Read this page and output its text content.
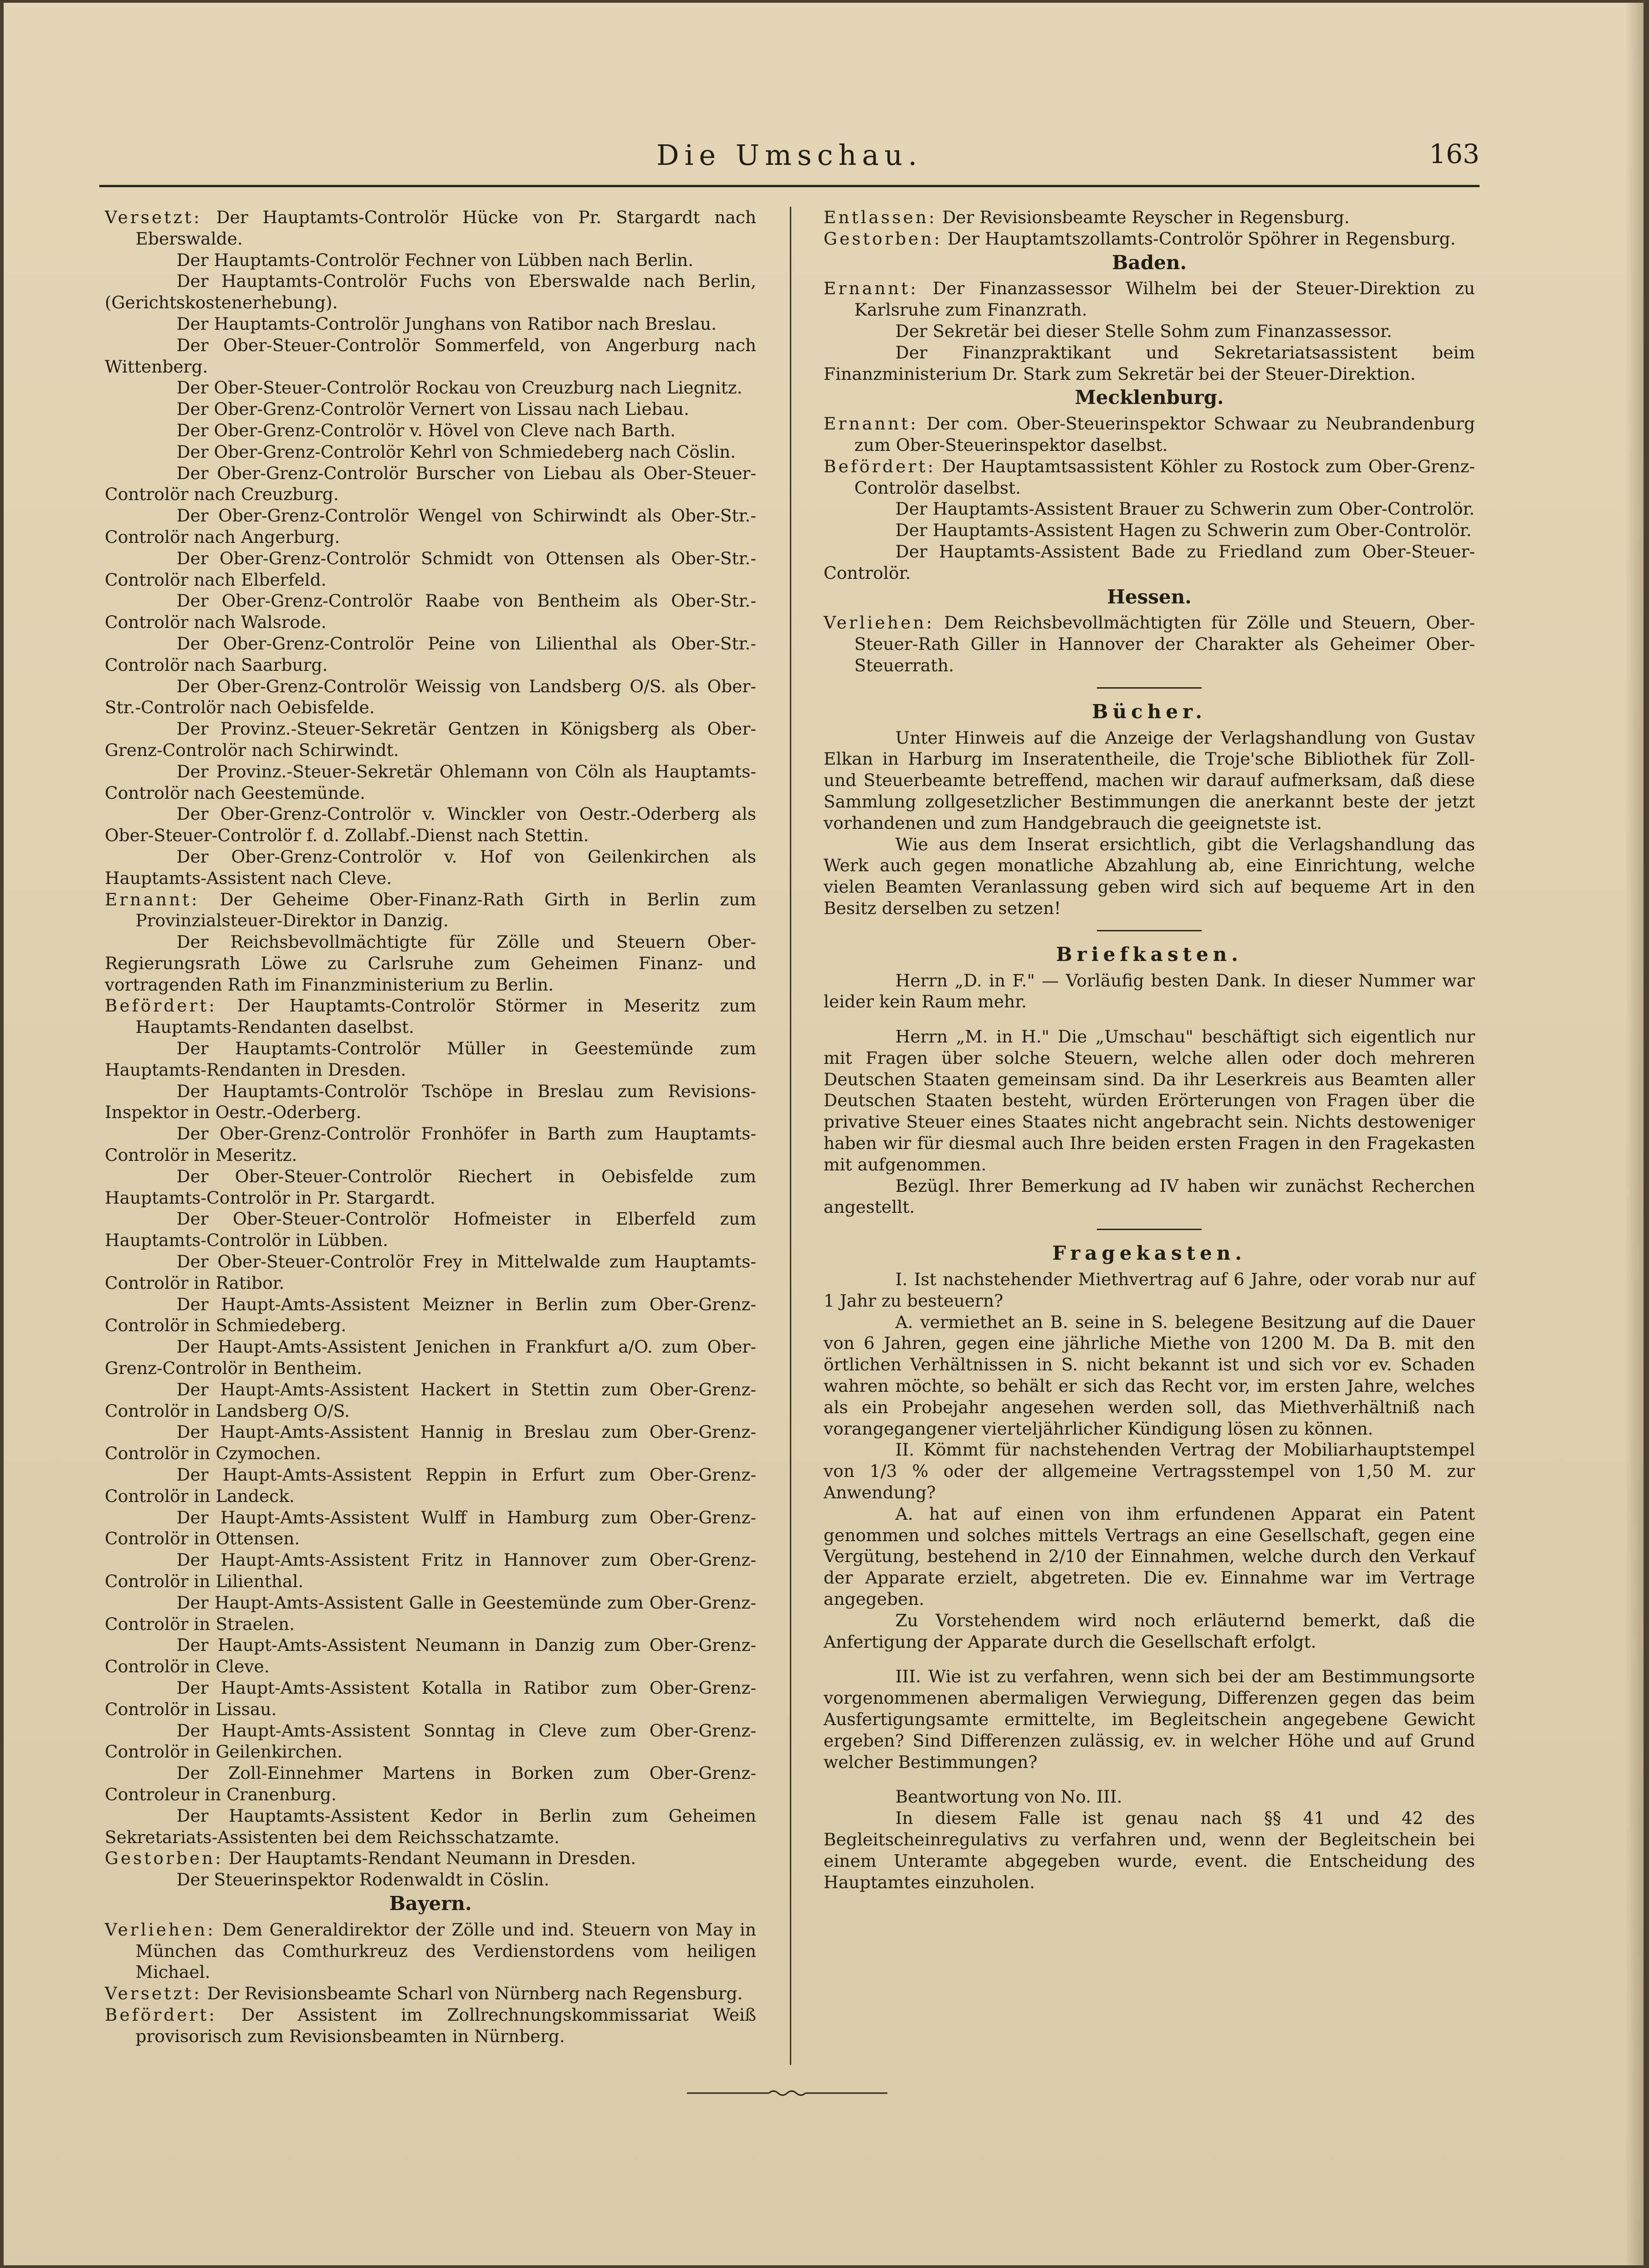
Die Umschau.	163

Versetzt: Der Hauptamts-Controlör Hücke von Pr. Stargardt nach Eberswalde.

Der Hauptamts-Controlör Fechner von Lübben nach Berlin.

Der Hauptamts-Controlör Fuchs von Eberswalde nach Berlin, (Gerichtskostenerhebung).

Der Hauptamts-Controlör Junghans von Ratibor nach Breslau.

Der Ober-Steuer-Controlör Sommerfeld, von Angerburg nach Wittenberg.

Der Ober-Steuer-Controlör Rockau von Creuzburg nach Liegnitz.

Der Ober-Grenz-Controlör Vernert von Lissau nach Liebau.

Der Ober-Grenz-Controlör v. Hövel von Cleve nach Barth.

Der Ober-Grenz-Controlör Kehrl von Schmiedeberg nach Cöslin.

Der Ober-Grenz-Controlör Burscher von Liebau als Ober-Steuer-Controlör nach Creuzburg.

Der Ober-Grenz-Controlör Wengel von Schirwindt als Ober-Str.-Controlör nach Angerburg.

Der Ober-Grenz-Controlör Schmidt von Ottensen als Ober-Str.-Controlör nach Elberfeld.

Der Ober-Grenz-Controlör Raabe von Bentheim als Ober-Str.-Controlör nach Walsrode.

Der Ober-Grenz-Controlör Peine von Lilienthal als Ober-Str.-Controlör nach Saarburg.

Der Ober-Grenz-Controlör Weissig von Landsberg O/S. als Ober-Str.-Controlör nach Oebisfelde.

Der Provinz.-Steuer-Sekretär Gentzen in Königsberg als Ober-Grenz-Controlör nach Schirwindt.

Der Provinz.-Steuer-Sekretär Ohlemann von Cöln als Hauptamts-Controlör nach Geestemünde.

Der Ober-Grenz-Controlör v. Winckler von Oestr.-Oderberg als Ober-Steuer-Controlör f. d. Zollabf.-Dienst nach Stettin.

Der Ober-Grenz-Controlör v. Hof von Geilenkirchen als Hauptamts-Assistent nach Cleve.

Ernannt: Der Geheime Ober-Finanz-Rath Girth in Berlin zum Provinzialsteuer-Direktor in Danzig.

Der Reichsbevollmächtigte für Zölle und Steuern Ober-Regierungsrath Löwe zu Carlsruhe zum Geheimen Finanz- und vortragenden Rath im Finanzministerium zu Berlin.

Befördert: Der Hauptamts-Controlör Störmer in Meseritz zum Hauptamts-Rendanten daselbst.

Der Hauptamts-Controlör Müller in Geestemünde zum Hauptamts-Rendanten in Dresden.

Der Hauptamts-Controlör Tschöpe in Breslau zum Revisions-Inspektor in Oestr.-Oderberg.

Der Ober-Grenz-Controlör Fronhöfer in Barth zum Hauptamts-Controlör in Meseritz.

Der Ober-Steuer-Controlör Riechert in Oebisfelde zum Hauptamts-Controlör in Pr. Stargardt.

Der Ober-Steuer-Controlör Hofmeister in Elberfeld zum Hauptamts-Controlör in Lübben.

Der Ober-Steuer-Controlör Frey in Mittelwalde zum Hauptamts-Controlör in Ratibor.

Der Haupt-Amts-Assistent Meizner in Berlin zum Ober-Grenz-Controlör in Schmiedeberg.

Der Haupt-Amts-Assistent Jenichen in Frankfurt a/O. zum Ober-Grenz-Controlör in Bentheim.

Der Haupt-Amts-Assistent Hackert in Stettin zum Ober-Grenz-Controlör in Landsberg O/S.

Der Haupt-Amts-Assistent Hannig in Breslau zum Ober-Grenz-Controlör in Czymochen.

Der Haupt-Amts-Assistent Reppin in Erfurt zum Ober-Grenz-Controlör in Landeck.

Der Haupt-Amts-Assistent Wulff in Hamburg zum Ober-Grenz-Controlör in Ottensen.

Der Haupt-Amts-Assistent Fritz in Hannover zum Ober-Grenz-Controlör in Lilienthal.

Der Haupt-Amts-Assistent Galle in Geestemünde zum Ober-Grenz-Controlör in Straelen.

Der Haupt-Amts-Assistent Neumann in Danzig zum Ober-Grenz-Controlör in Cleve.

Der Haupt-Amts-Assistent Kotalla in Ratibor zum Ober-Grenz-Controlör in Lissau.

Der Haupt-Amts-Assistent Sonntag in Cleve zum Ober-Grenz-Controlör in Geilenkirchen.

Der Zoll-Einnehmer Martens in Borken zum Ober-Grenz-Controleur in Cranenburg.

Der Hauptamts-Assistent Kedor in Berlin zum Geheimen Sekretariats-Assistenten bei dem Reichsschatzamte.

Gestorben: Der Hauptamts-Rendant Neumann in Dresden.

Der Steuerinspektor Rodenwaldt in Cöslin.

Bayern.

Verliehen: Dem Generaldirektor der Zölle und ind. Steuern von May in München das Comthurkreuz des Verdienstordens vom heiligen Michael.

Versetzt: Der Revisionsbeamte Scharl von Nürnberg nach Regensburg.

Befördert: Der Assistent im Zollrechnungskommissariat Weiß provisorisch zum Revisionsbeamten in Nürnberg.

Entlassen: Der Revisionsbeamte Reyscher in Regensburg.

Gestorben: Der Hauptamtszollamts-Controlör Spöhrer in Regensburg.

Baden.

Ernannt: Der Finanzassessor Wilhelm bei der Steuer-Direktion zu Karlsruhe zum Finanzrath.

Der Sekretär bei dieser Stelle Sohm zum Finanzassessor.

Der Finanzpraktikant und Sekretariatsassistent beim Finanzministerium Dr. Stark zum Sekretär bei der Steuer-Direktion.

Mecklenburg.

Ernannt: Der com. Ober-Steuerinspektor Schwaar zu Neubrandenburg zum Ober-Steuerinspektor daselbst.

Befördert: Der Hauptamtsassistent Köhler zu Rostock zum Ober-Grenz-Controlör daselbst.

Der Hauptamts-Assistent Brauer zu Schwerin zum Ober-Controlör.

Der Hauptamts-Assistent Hagen zu Schwerin zum Ober-Controlör.

Der Hauptamts-Assistent Bade zu Friedland zum Ober-Steuer-Controlör.

Hessen.

Verliehen: Dem Reichsbevollmächtigten für Zölle und Steuern, Ober-Steuer-Rath Giller in Hannover der Charakter als Geheimer Ober-Steuerrath.

Bücher.

Unter Hinweis auf die Anzeige der Verlagshandlung von Gustav Elkan in Harburg im Inseratentheile, die Troje'sche Bibliothek für Zoll- und Steuerbeamte betreffend, machen wir darauf aufmerksam, daß diese Sammlung zollgesetzlicher Bestimmungen die anerkannt beste der jetzt vorhandenen und zum Handgebrauch die geeignetste ist.

Wie aus dem Inserat ersichtlich, gibt die Verlagshandlung das Werk auch gegen monatliche Abzahlung ab, eine Einrichtung, welche vielen Beamten Veranlassung geben wird sich auf bequeme Art in den Besitz derselben zu setzen!

Briefkasten.

Herrn „D. in F." — Vorläufig besten Dank. In dieser Nummer war leider kein Raum mehr.

Herrn „M. in H." Die „Umschau" beschäftigt sich eigentlich nur mit Fragen über solche Steuern, welche allen oder doch mehreren Deutschen Staaten gemeinsam sind. Da ihr Leserkreis aus Beamten aller Deutschen Staaten besteht, würden Erörterungen von Fragen über die privative Steuer eines Staates nicht angebracht sein. Nichts destoweniger haben wir für diesmal auch Ihre beiden ersten Fragen in den Fragekasten mit aufgenommen.

Bezügl. Ihrer Bemerkung ad IV haben wir zunächst Recherchen angestellt.

Fragekasten.

I. Ist nachstehender Miethvertrag auf 6 Jahre, oder vorab nur auf 1 Jahr zu besteuern?

A. vermiethet an B. seine in S. belegene Besitzung auf die Dauer von 6 Jahren, gegen eine jährliche Miethe von 1200 M. Da B. mit den örtlichen Verhältnissen in S. nicht bekannt ist und sich vor ev. Schaden wahren möchte, so behält er sich das Recht vor, im ersten Jahre, welches als ein Probejahr angesehen werden soll, das Miethverhältniß nach vorangegangener vierteljährlicher Kündigung lösen zu können.

II. Kömmt für nachstehenden Vertrag der Mobiliarhauptstempel von 1/3 % oder der allgemeine Vertragsstempel von 1,50 M. zur Anwendung?

A. hat auf einen von ihm erfundenen Apparat ein Patent genommen und solches mittels Vertrags an eine Gesellschaft, gegen eine Vergütung, bestehend in 2/10 der Einnahmen, welche durch den Verkauf der Apparate erzielt, abgetreten. Die ev. Einnahme war im Vertrage angegeben.

Zu Vorstehendem wird noch erläuternd bemerkt, daß die Anfertigung der Apparate durch die Gesellschaft erfolgt.

III. Wie ist zu verfahren, wenn sich bei der am Bestimmungsorte vorgenommenen abermaligen Verwiegung, Differenzen gegen das beim Ausfertigungsamte ermittelte, im Begleitschein angegebene Gewicht ergeben? Sind Differenzen zulässig, ev. in welcher Höhe und auf Grund welcher Bestimmungen?

Beantwortung von No. III.

In diesem Falle ist genau nach §§ 41 und 42 des Begleitscheinregulativs zu verfahren und, wenn der Begleitschein bei einem Unteramte abgegeben wurde, event. die Entscheidung des Hauptamtes einzuholen.
